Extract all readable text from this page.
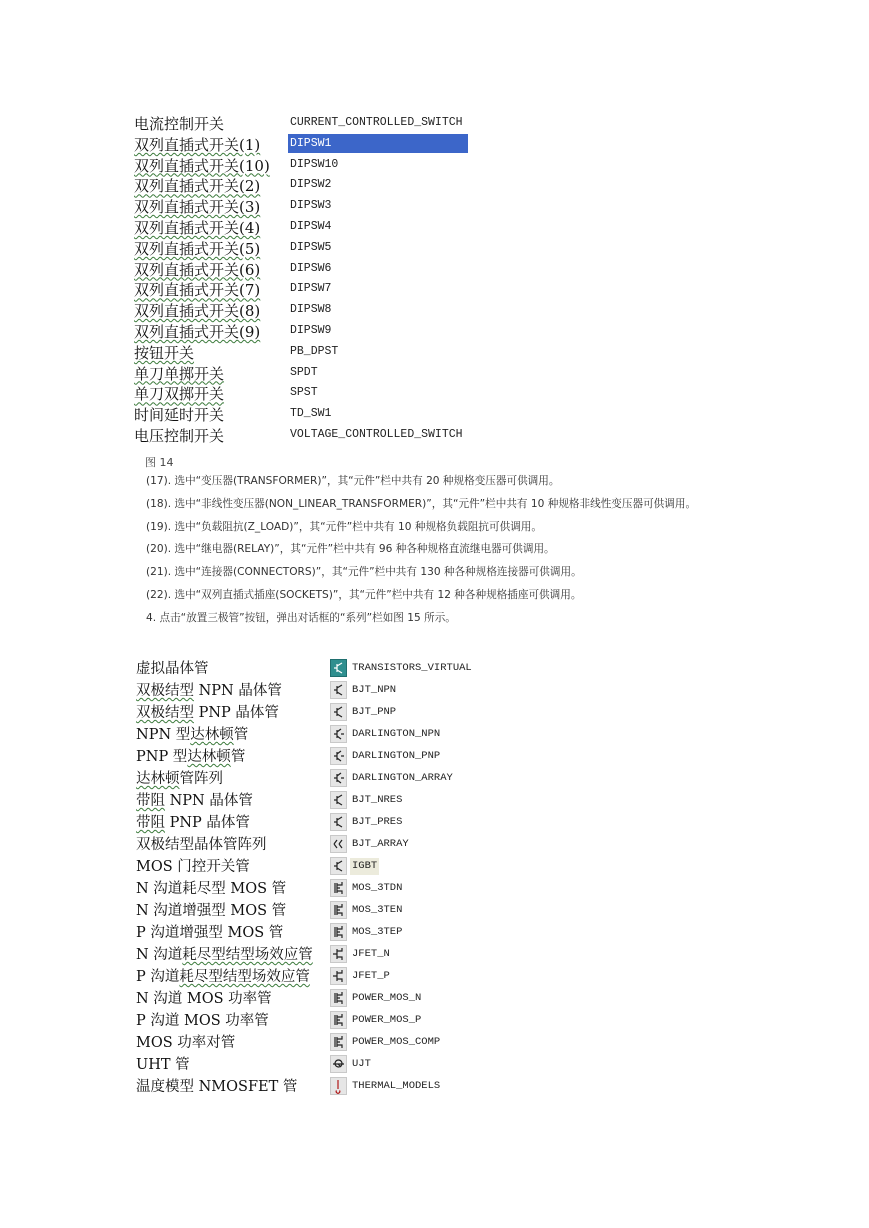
电流控制开关	CURRENT_CONTROLLED_SWITCH
双列直插式开关(1)	DIPSW1
双列直插式开关(10) DIPSW10
双列直插式开关(2)	DIPSW2
双列直插式开关(3)	DIPSW3
双列直插式开关(4)	DIPSW4
双列直插式开关(5)	DIPSW5
双列直插式开关(6)	DIPSW6
双列直插式开关(7)	DIPSW7
双列直插式开关(8)	DIPSW8
双列直插式开关(9)	DIPSW9
按钮开关	PB_DPST
单刀单掷开关	SPDT
单刀双掷开关	SPST
时间延时开关	TD_SW1
电压控制开关	VOLTAGE_CONTROLLED_SWITCH
图 14
(17). 选中“变压器(TRANSFORMER)”，其“元件”栏中共有 20 种规格变压器可供调用。
(18). 选中“非线性变压器(NON_LINEAR_TRANSFORMER)”，其“元件”栏中共有 10 种规格非线性变压器可供调用。
(19). 选中“负载阻抗(Z_LOAD)”，其“元件”栏中共有 10 种规格负载阻抗可供调用。
(20). 选中“继电器(RELAY)”，其“元件”栏中共有 96 种各种规格直流继电器可供调用。
(21). 选中“连接器(CONNECTORS)”，其“元件”栏中共有 130 种各种规格连接器可供调用。
(22). 选中“双列直插式插座(SOCKETS)”，其“元件”栏中共有 12 种各种规格插座可供调用。
4. 点击“放置三极管”按钮，弹出对话框的“系列”栏如图 15 所示。
虚拟晶体管	TRANSISTORS_VIRTUAL
双极结型 NPN 晶体管	BJT_NPN
双极结型 PNP 晶体管	BJT_PNP
NPN 型达林顿管	DARLINGTON_NPN
PNP 型达林顿管	DARLINGTON_PNP
达林顿管阵列	DARLINGTON_ARRAY
带阻 NPN 晶体管	BJT_NRES
带阻 PNP 晶体管	BJT_PRES
双极结型晶体管阵列	BJT_ARRAY
MOS 门控开关管	IGBT
N 沟道耗尽型 MOS 管	MOS_3TDN
N 沟道增强型 MOS 管	MOS_3TEN
P 沟道增强型 MOS 管	MOS_3TEP
N 沟道耗尽型结型场效应管	JFET_N
P 沟道耗尽型结型场效应管	JFET_P
N 沟道 MOS 功率管	POWER_MOS_N
P 沟道 MOS 功率管	POWER_MOS_P
MOS 功率对管	POWER_MOS_COMP
UHT 管	UJT
温度模型 NMOSFET 管	THERMAL_MODELS
